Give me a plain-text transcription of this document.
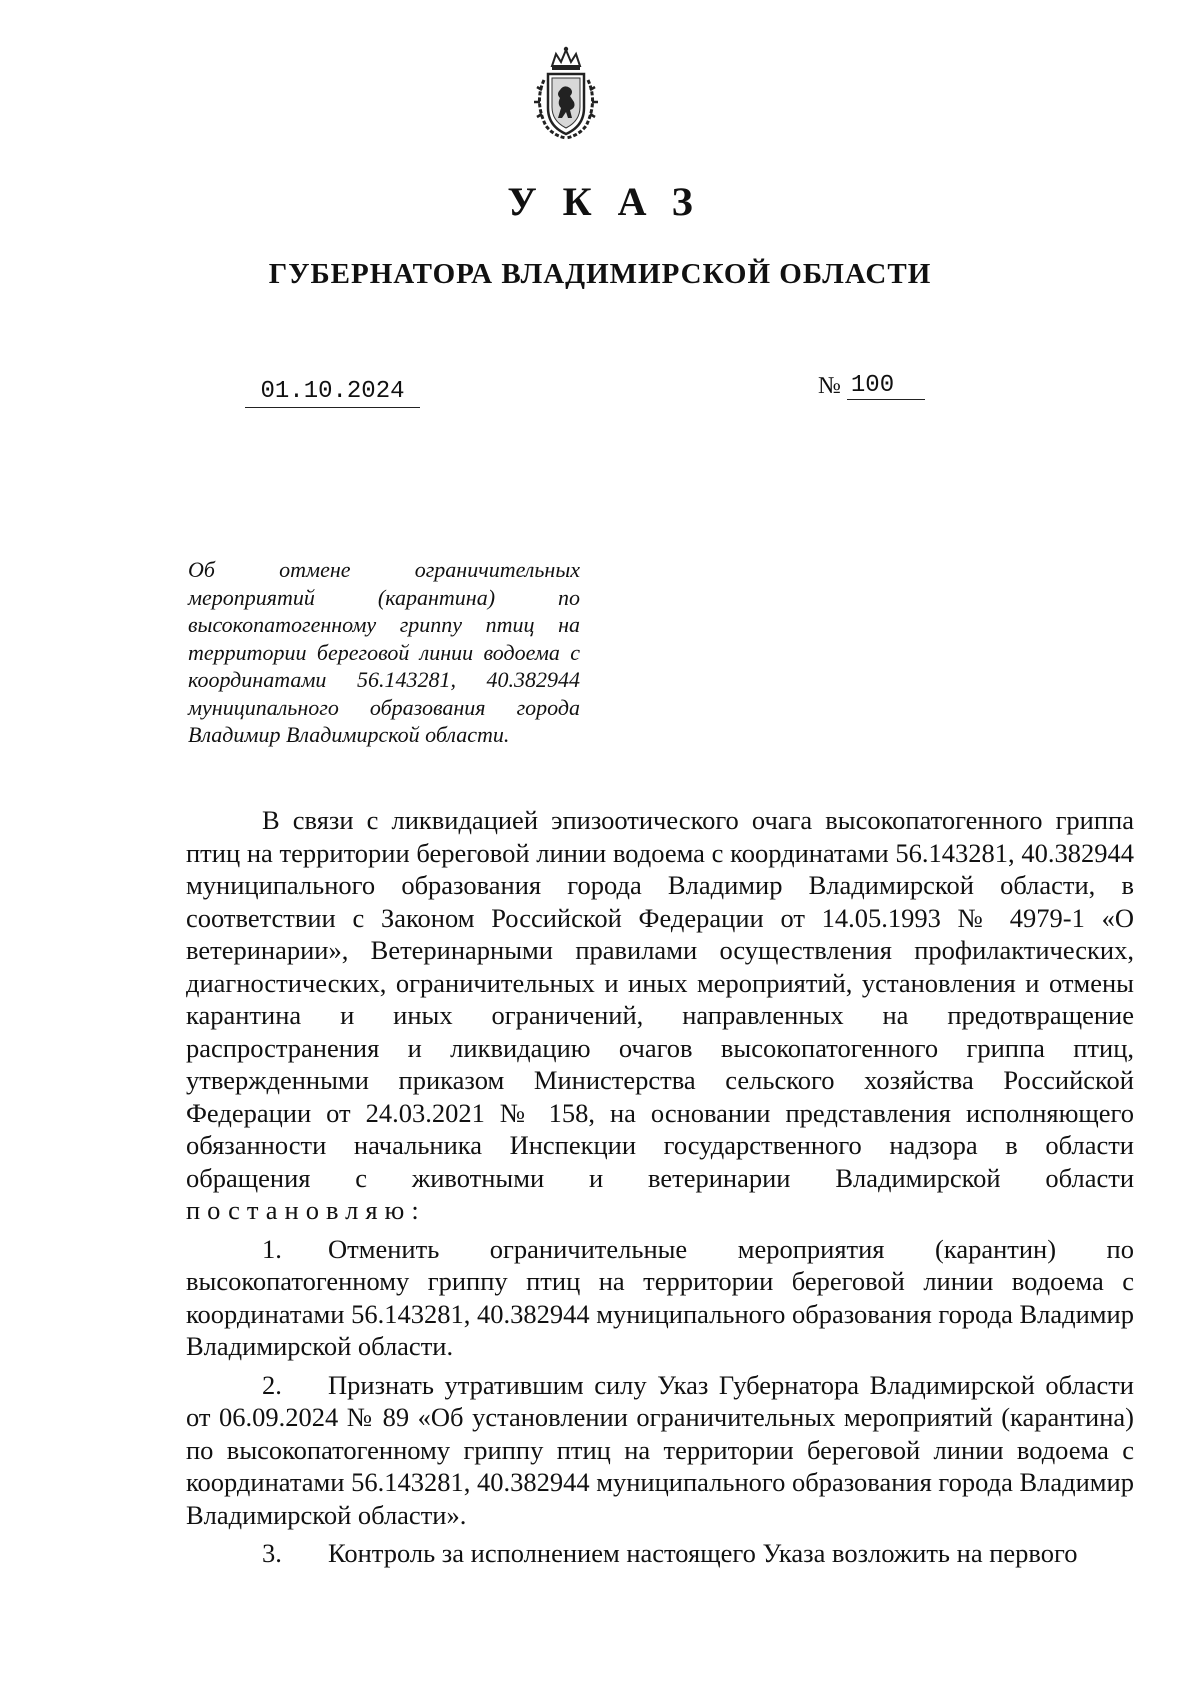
УКАЗ
ГУБЕРНАТОРА ВЛАДИМИРСКОЙ ОБЛАСТИ
01.10.2024	№ 100
Об отмене ограничительных мероприятий (карантина) по высокопатогенному гриппу птиц на территории береговой линии водоема с координатами 56.143281, 40.382944 муниципального образования города Владимир Владимирской области.

В связи с ликвидацией эпизоотического очага высокопатогенного гриппа птиц на территории береговой линии водоема с координатами 56.143281, 40.382944 муниципального образования города Владимир Владимирской области, в соответствии с Законом Российской Федерации от 14.05.1993 № 4979-1 «О ветеринарии», Ветеринарными правилами осуществления профилактических, диагностических, ограничительных и иных мероприятий, установления и отмены карантина и иных ограничений, направленных на предотвращение распространения и ликвидацию очагов высокопатогенного гриппа птиц, утвержденными приказом Министерства сельского хозяйства Российской Федерации от 24.03.2021 № 158, на основании представления исполняющего обязанности начальника Инспекции государственного надзора в области обращения с животными и ветеринарии Владимирской области постановляю:

1. Отменить ограничительные мероприятия (карантин) по высокопатогенному гриппу птиц на территории береговой линии водоема с координатами 56.143281, 40.382944 муниципального образования города Владимир Владимирской области.

2. Признать утратившим силу Указ Губернатора Владимирской области от 06.09.2024 № 89 «Об установлении ограничительных мероприятий (карантина) по высокопатогенному гриппу птиц на территории береговой линии водоема с координатами 56.143281, 40.382944 муниципального образования города Владимир Владимирской области».

3. Контроль за исполнением настоящего Указа возложить на первого
